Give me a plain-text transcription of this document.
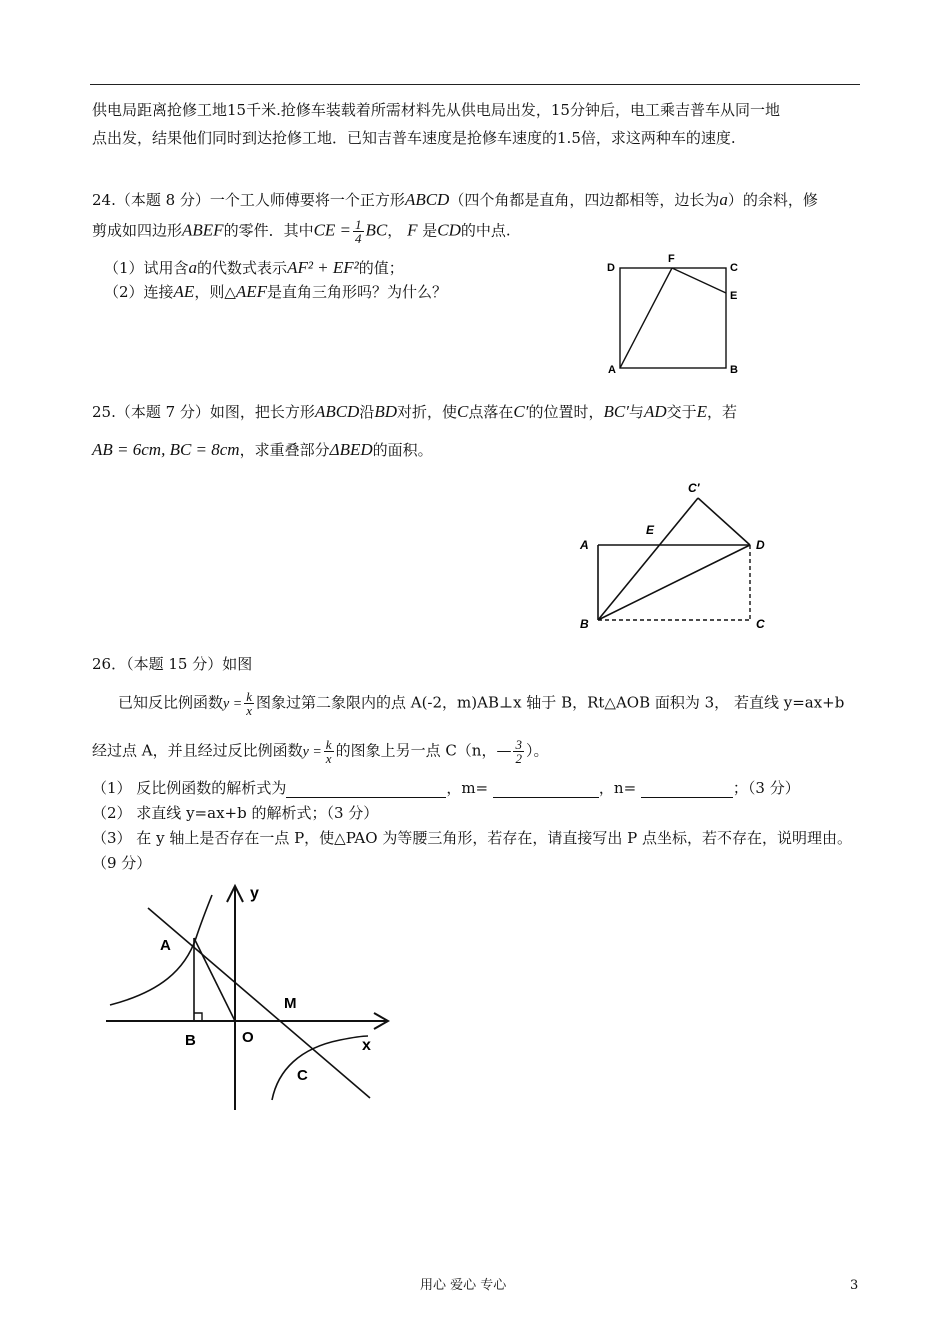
供电局距离抢修工地15千米.抢修车装载着所需材料先从供电局出发，15分钟后，电工乘吉普车从同一地
点出发，结果他们同时到达抢修工地．已知吉普车速度是抢修车速度的1.5倍，求这两种车的速度.
24.（本题 8 分）一个工人师傅要将一个正方形ABCD（四个角都是直角，四边都相等，边长为a）的余料，修
剪成如四边形ABEF的零件．其中CE = $\frac{1}{4}$ BC， F 是CD的中点.
（1）试用含a的代数式表示AF² + EF²的值；
（2）连接AE，则△AEF是直角三角形吗？为什么？
D
F
C
E
A	B
25.（本题 7 分）如图，把长方形ABCD沿BD对折，使C点落在C′的位置时，BC′与AD交于E，若
AB = 6cm, BC = 8cm，求重叠部分ΔBED的面积。
C′
E
A	D
B	C
26．（本题 15 分）如图
已知反比例函数$y = \frac{k}{x}$ 图象过第二象限内的点 A(-2，m)AB⊥x 轴于 B，Rt△AOB 面积为 3， 若直线 y=ax+b
经过点 A，并且经过反比例函数$y = \frac{k}{x}$ 的图象上另一点 C（n，— $\frac{3}{2}$ ）。
（1） 反比例函数的解析式为	，m=	，n=	；（3 分）
（2） 求直线 y=ax+b 的解析式；（3 分）
（3） 在 y 轴上是否存在一点 P，使△PAO 为等腰三角形，若存在，请直接写出 P 点坐标，若不存在，说明理由。
（9 分）
y
A
M
B	O	x
C
用心 爱心 专心	3
